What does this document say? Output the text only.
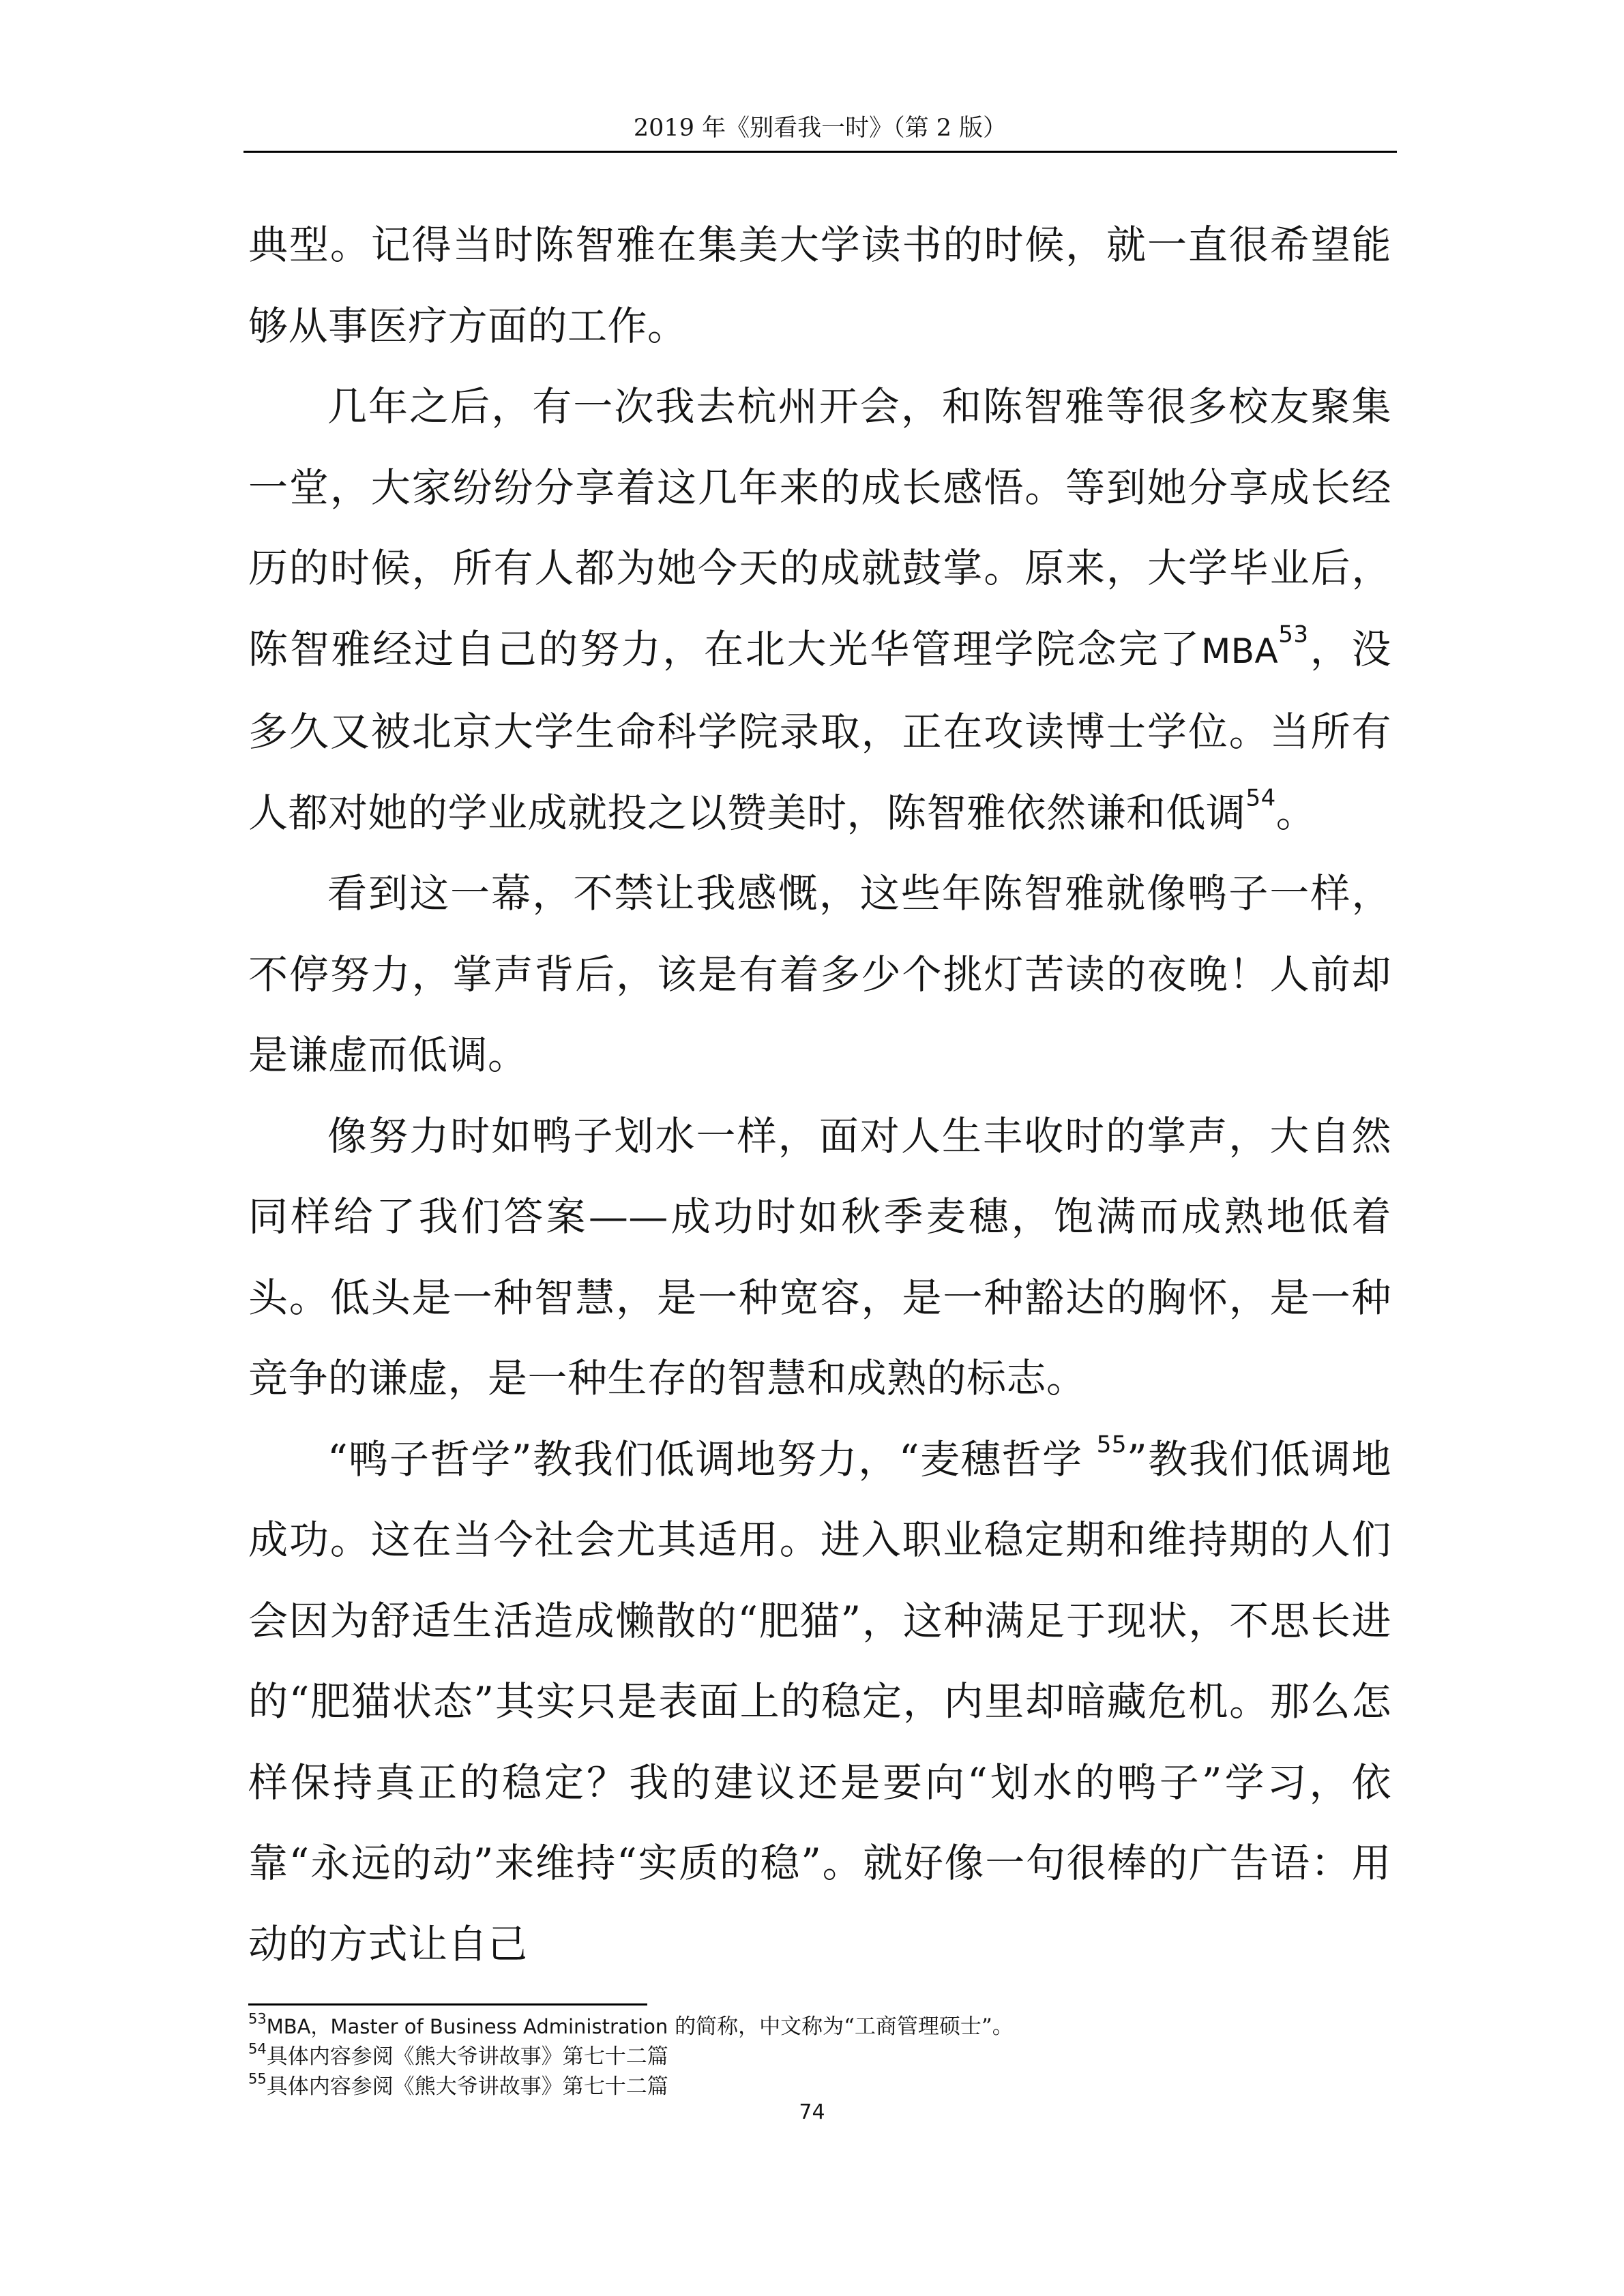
2019 年《别看我一时》（第 2 版）

典型。记得当时陈智雅在集美大学读书的时候，就一直很希望能够从事医疗方面的工作。

几年之后，有一次我去杭州开会，和陈智雅等很多校友聚集一堂，大家纷纷分享着这几年来的成长感悟。等到她分享成长经历的时候，所有人都为她今天的成就鼓掌。原来，大学毕业后，陈智雅经过自己的努力，在北大光华管理学院念完了MBA$^{53}$，没多久又被北京大学生命科学院录取，正在攻读博士学位。当所有人都对她的学业成就投之以赞美时，陈智雅依然谦和低调$^{54}$。

看到这一幕，不禁让我感慨，这些年陈智雅就像鸭子一样，不停努力，掌声背后，该是有着多少个挑灯苦读的夜晚！人前却是谦虚而低调。

像努力时如鸭子划水一样，面对人生丰收时的掌声，大自然同样给了我们答案——成功时如秋季麦穗，饱满而成熟地低着头。低头是一种智慧，是一种宽容，是一种豁达的胸怀，是一种竞争的谦虚，是一种生存的智慧和成熟的标志。

“鸭子哲学”教我们低调地努力，“麦穗哲学 $^{55}$”教我们低调地成功。这在当今社会尤其适用。进入职业稳定期和维持期的人们会因为舒适生活造成懒散的“肥猫”，这种满足于现状，不思长进的“肥猫状态”其实只是表面上的稳定，内里却暗藏危机。那么怎样保持真正的稳定？我的建议还是要向“划水的鸭子”学习，依靠“永远的动”来维持“实质的稳”。就好像一句很棒的广告语：用动的方式让自己

$^{53}$MBA，Master of Business Administration 的简称，中文称为“工商管理硕士”。
$^{54}$具体内容参阅《熊大爷讲故事》第七十二篇
$^{55}$具体内容参阅《熊大爷讲故事》第七十二篇
74
